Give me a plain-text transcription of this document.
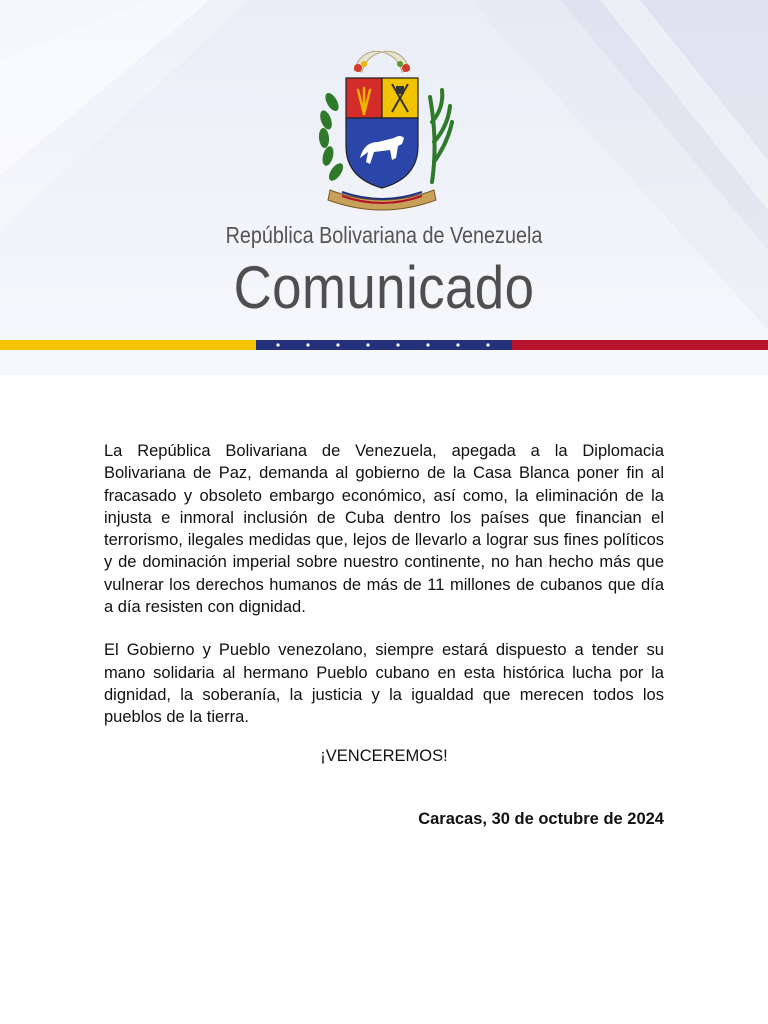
República Bolivariana de Venezuela
Comunicado

La República Bolivariana de Venezuela, apegada a la Diplomacia Bolivariana de Paz, demanda al gobierno de la Casa Blanca poner fin al fracasado y obsoleto embargo económico, así como, la eliminación de la injusta e inmoral inclusión de Cuba dentro los países que financian el terrorismo, ilegales medidas que, lejos de llevarlo a lograr sus fines políticos y de dominación imperial sobre nuestro continente, no han hecho más que vulnerar los derechos humanos de más de 11 millones de cubanos que día a día resisten con dignidad.

El Gobierno y Pueblo venezolano, siempre estará dispuesto a tender su mano solidaria al hermano Pueblo cubano en esta histórica lucha por la dignidad, la soberanía, la justicia y la igualdad que merecen todos los pueblos de la tierra.

¡VENCEREMOS!
Caracas, 30 de octubre de 2024
